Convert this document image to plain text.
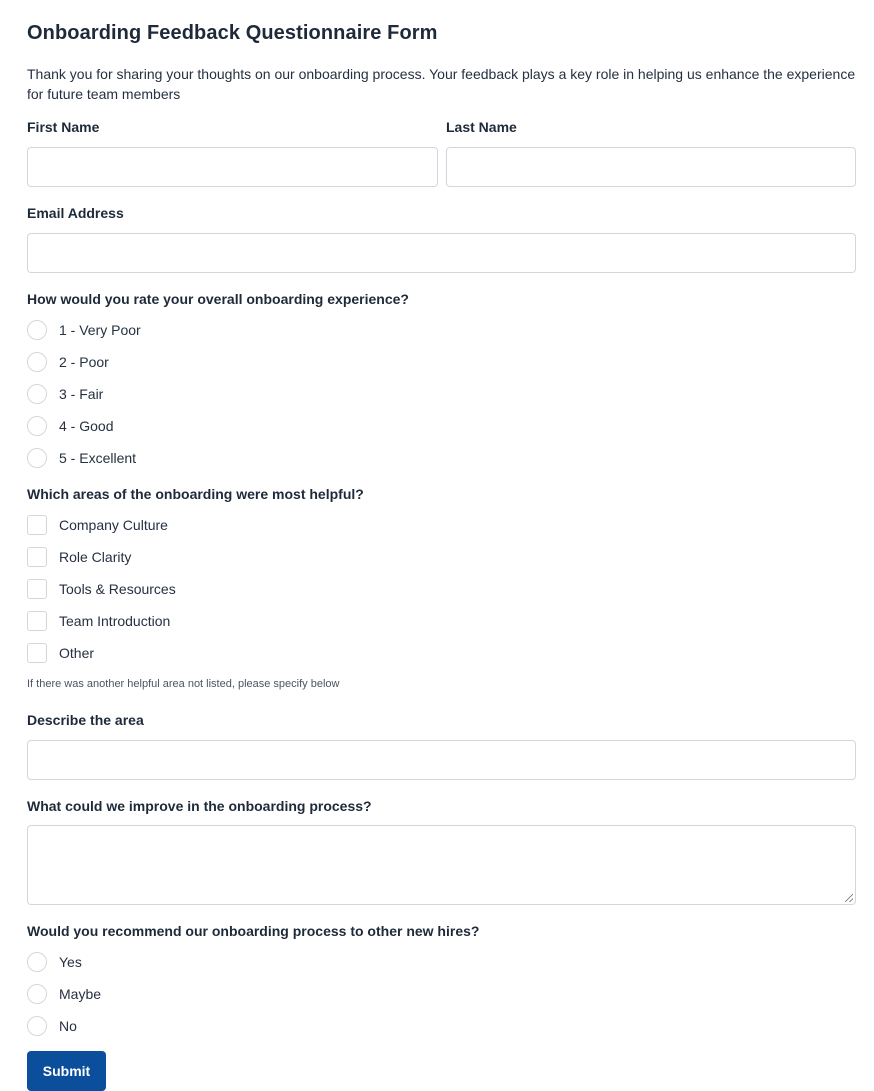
Onboarding Feedback Questionnaire Form
Thank you for sharing your thoughts on our onboarding process. Your feedback plays a key role in helping us enhance the experience for future team members
First Name	Last Name
Email Address
How would you rate your overall onboarding experience?
1 - Very Poor
2 - Poor
3 - Fair
4 - Good
5 - Excellent
Which areas of the onboarding were most helpful?
Company Culture
Role Clarity
Tools & Resources
Team Introduction
Other
If there was another helpful area not listed, please specify below
Describe the area
What could we improve in the onboarding process?
Would you recommend our onboarding process to other new hires?
Yes
Maybe
No
Submit
